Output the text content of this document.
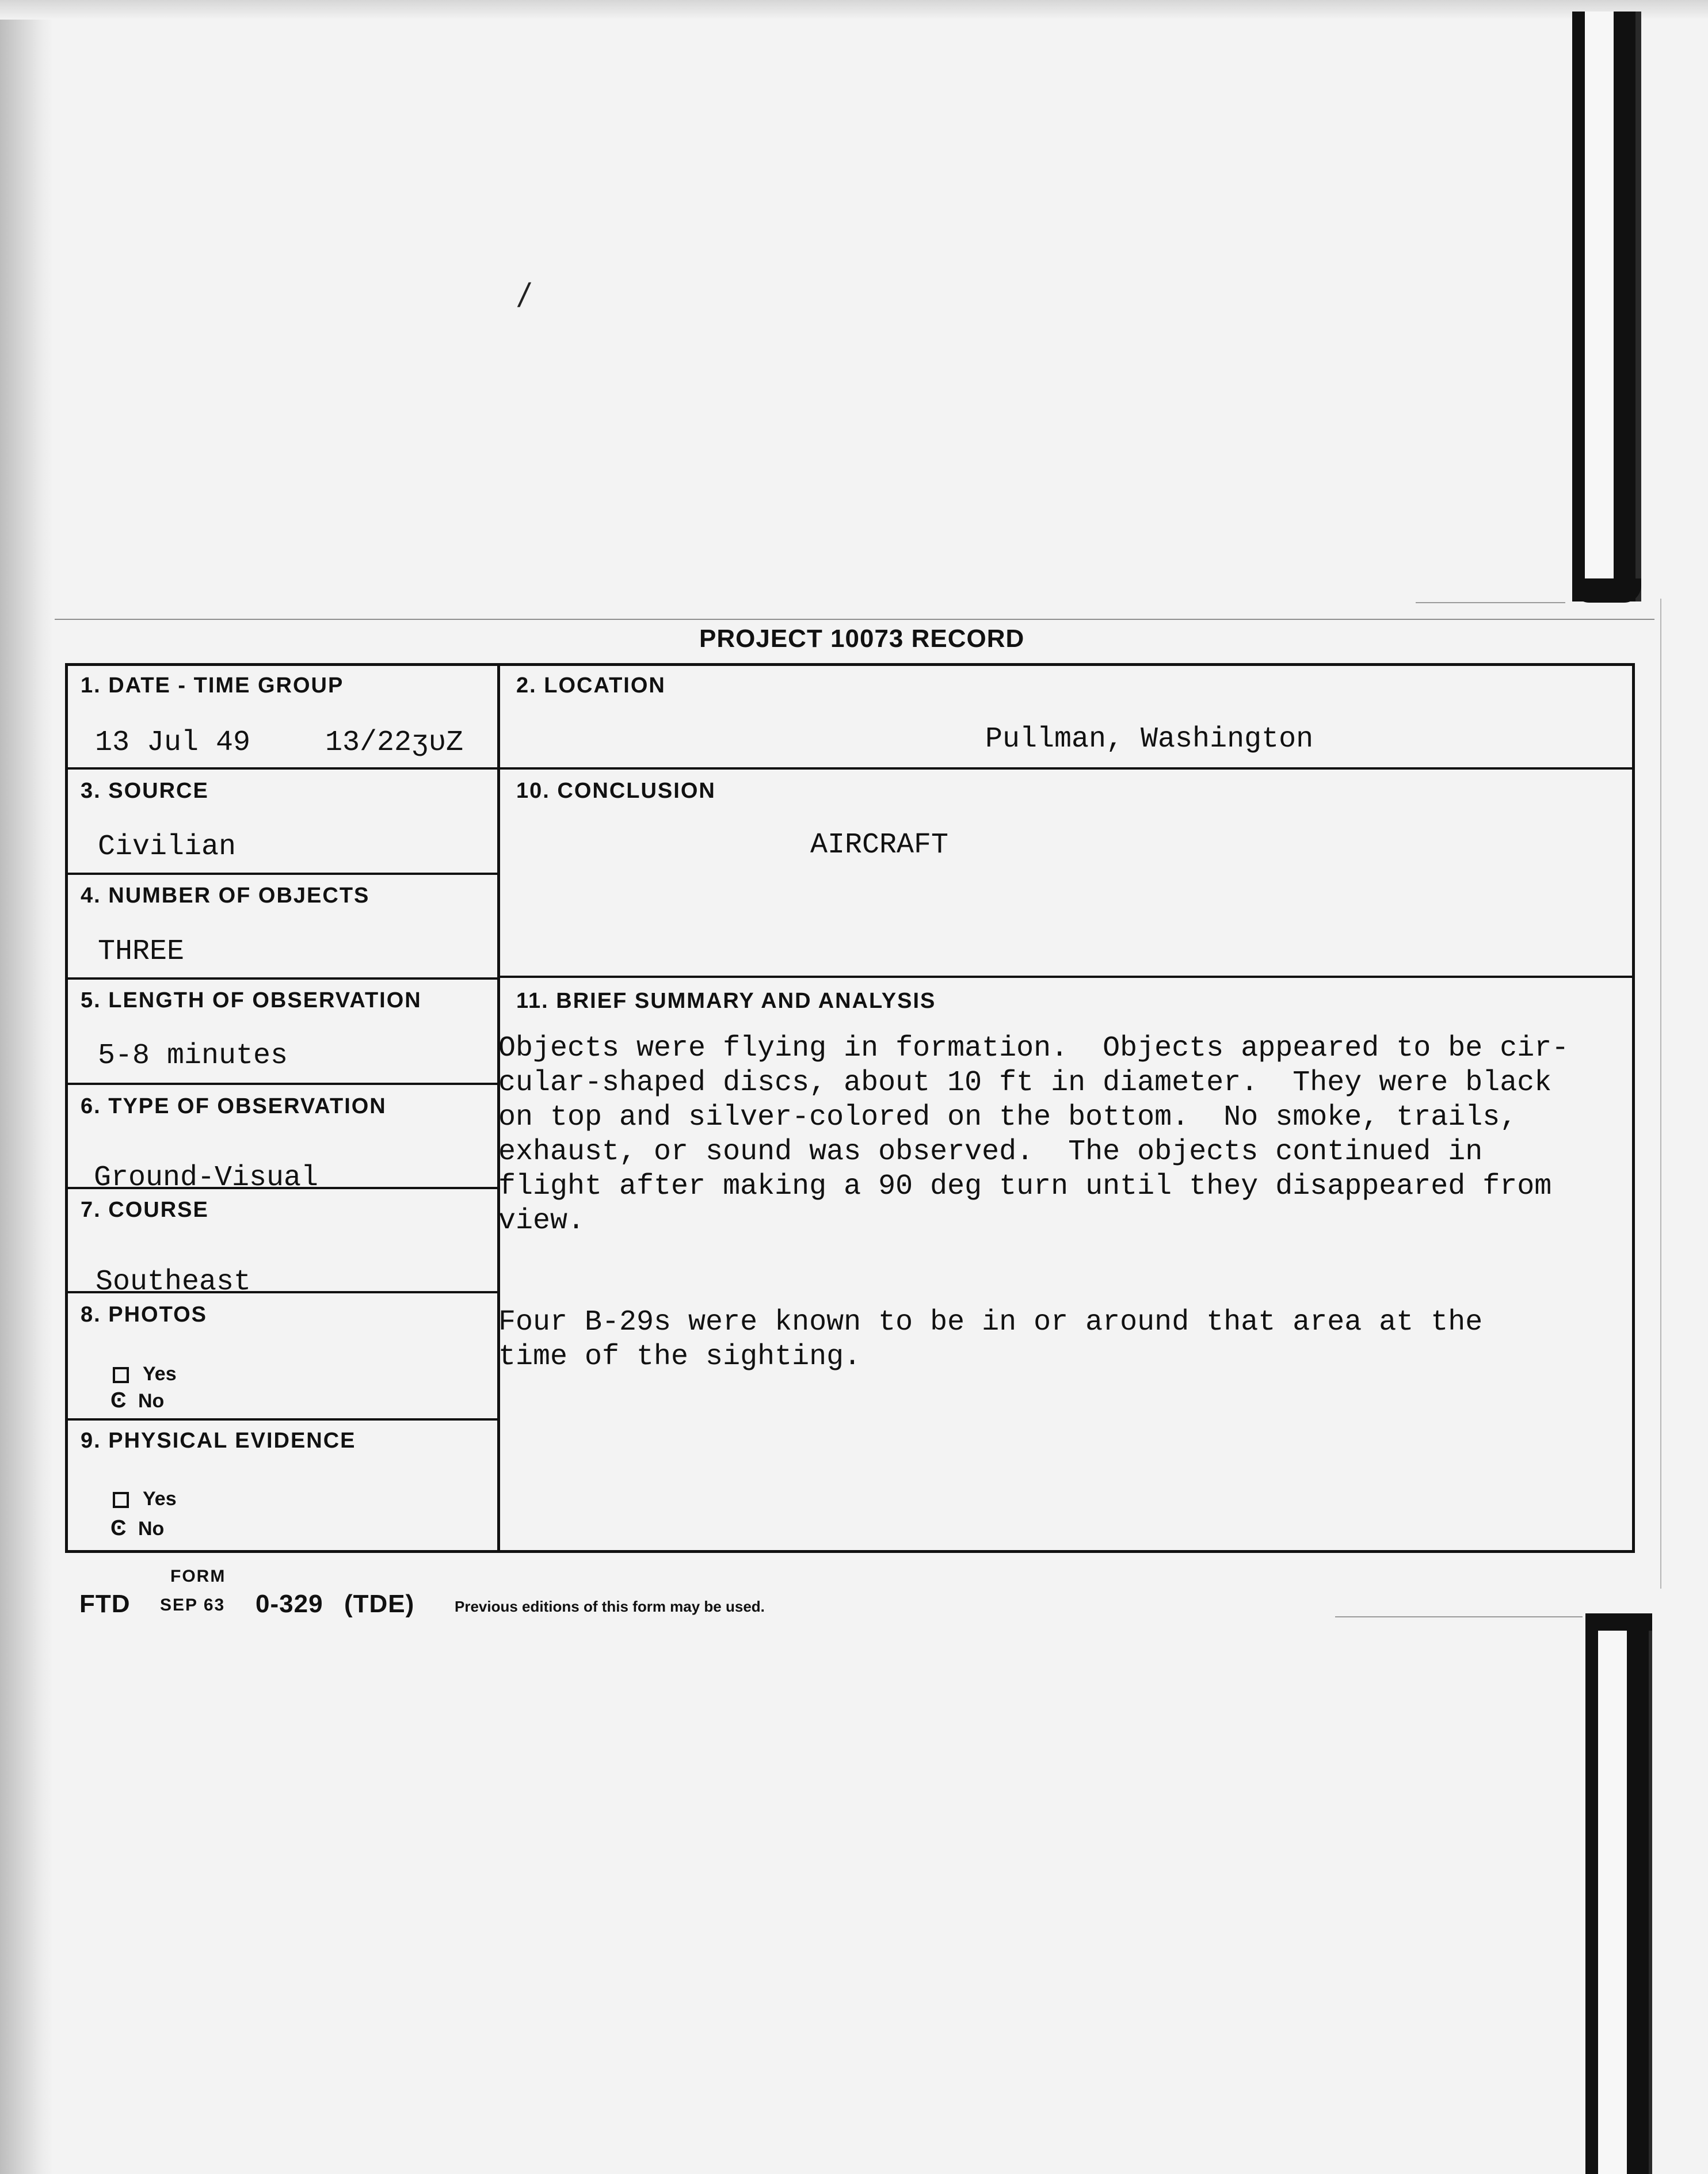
/
PROJECT 10073 RECORD
1. DATE - TIME GROUP
13 Jul 49	13/22ʒᴜZ
2. LOCATION
Pullman, Washington
3. SOURCE
Civilian
4. NUMBER OF OBJECTS
THREE
5. LENGTH OF OBSERVATION
5-8 minutes
6. TYPE OF OBSERVATION
Ground-Visual
7. COURSE
Southeast
8. PHOTOS
Yes
Ͼ No
9. PHYSICAL EVIDENCE
Yes
Ͼ No
10. CONCLUSION
AIRCRAFT
11. BRIEF SUMMARY AND ANALYSIS
Objects were flying in formation.  Objects appeared to be cir-
cular-shaped discs, about 10 ft in diameter.  They were black
on top and silver-colored on the bottom.  No smoke, trails,
exhaust, or sound was observed.  The objects continued in
flight after making a 90 deg turn until they disappeared from
view.
Four B-29s were known to be in or around that area at the
time of the sighting.
FORM
FTD SEP 63 0-329 (TDE)	Previous editions of this form may be used.
